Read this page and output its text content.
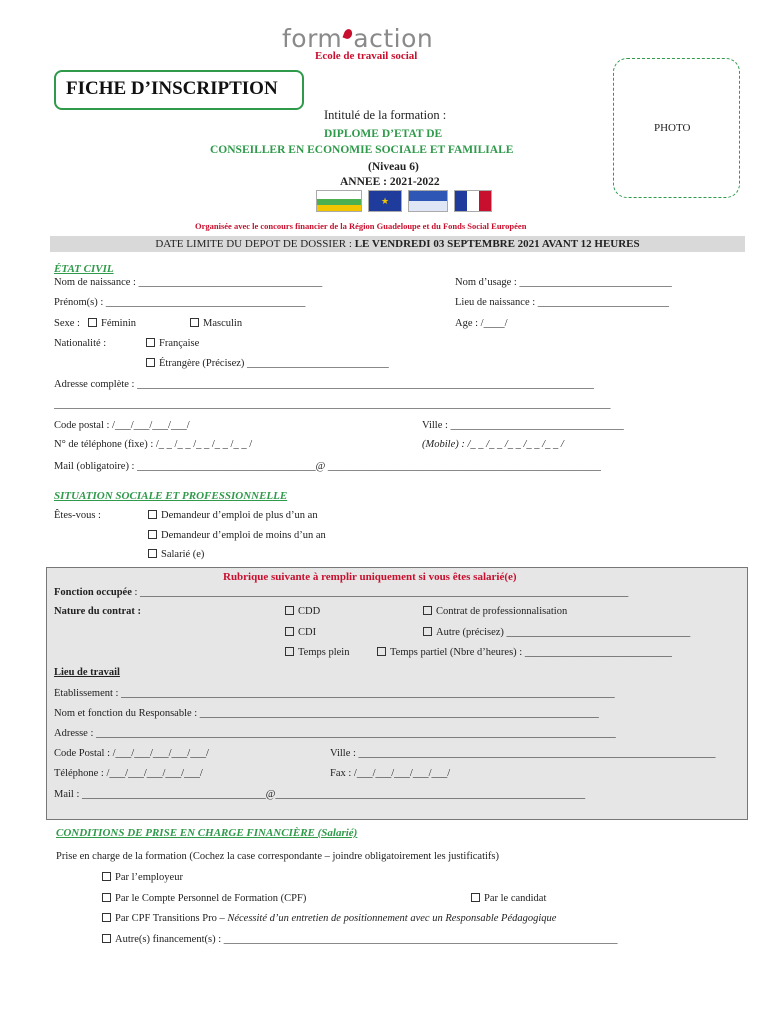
form action
Ecole de travail social
FICHE D’INSCRIPTION
PHOTO
Intitulé de la formation :
DIPLOME D’ETAT DE
CONSEILLER EN ECONOMIE SOCIALE ET FAMILIALE
(Niveau 6)
ANNEE : 2021-2022
★
Organisée avec le concours financier de la Région Guadeloupe et du Fonds Social Européen
DATE LIMITE DU DEPOT DE DOSSIER : LE VENDREDI 03 SEPTEMBRE 2021 AVANT 12 HEURES
ÉTAT CIVIL
Nom de naissance : ___________________________________	Nom d’usage : _____________________________
Prénom(s) : ______________________________________	Lieu de naissance : _________________________
Sexe :	Féminin	Masculin	Age : /____/
Nationalité :	Française
Étrangère (Précisez) ___________________________
Adresse complète : _______________________________________________________________________________________
__________________________________________________________________________________________________________
Code postal : /___/___/___/___/	Ville : _________________________________
N° de téléphone (fixe) : /_ _ /_ _ /_ _ /_ _ /_ _ /	(Mobile) : /_ _ /_ _ /_ _ /_ _ /_ _ /
Mail (obligatoire) : __________________________________@ ____________________________________________________
SITUATION SOCIALE ET PROFESSIONNELLE
Êtes-vous :	Demandeur d’emploi de plus d’un an
Demandeur d’emploi de moins d’un an
Salarié (e)
Rubrique suivante à remplir uniquement si vous êtes salarié(e)
Fonction occupée : _____________________________________________________________________________________________
Nature du contrat :	CDD	Contrat de professionnalisation
CDI	Autre (précisez) ___________________________________
Temps plein	Temps partiel (Nbre d’heures) : ____________________________
Lieu de travail
Établissement : ______________________________________________________________________________________________
Nom et fonction du Responsable : ____________________________________________________________________________
Adresse : ___________________________________________________________________________________________________
Code Postal : /___/___/___/___/___/	Ville : ____________________________________________________________________
Téléphone : /___/___/___/___/___/	Fax : /___/___/___/___/___/
Mail : ___________________________________@___________________________________________________________
CONDITIONS DE PRISE EN CHARGE FINANCIÈRE (Salarié)
Prise en charge de la formation (Cochez la case correspondante – joindre obligatoirement les justificatifs)
Par l’employeur
Par le Compte Personnel de Formation (CPF)	Par le candidat
Par CPF Transitions Pro – Nécessité d’un entretien de positionnement avec un Responsable Pédagogique
Autre(s) financement(s) : ___________________________________________________________________________
